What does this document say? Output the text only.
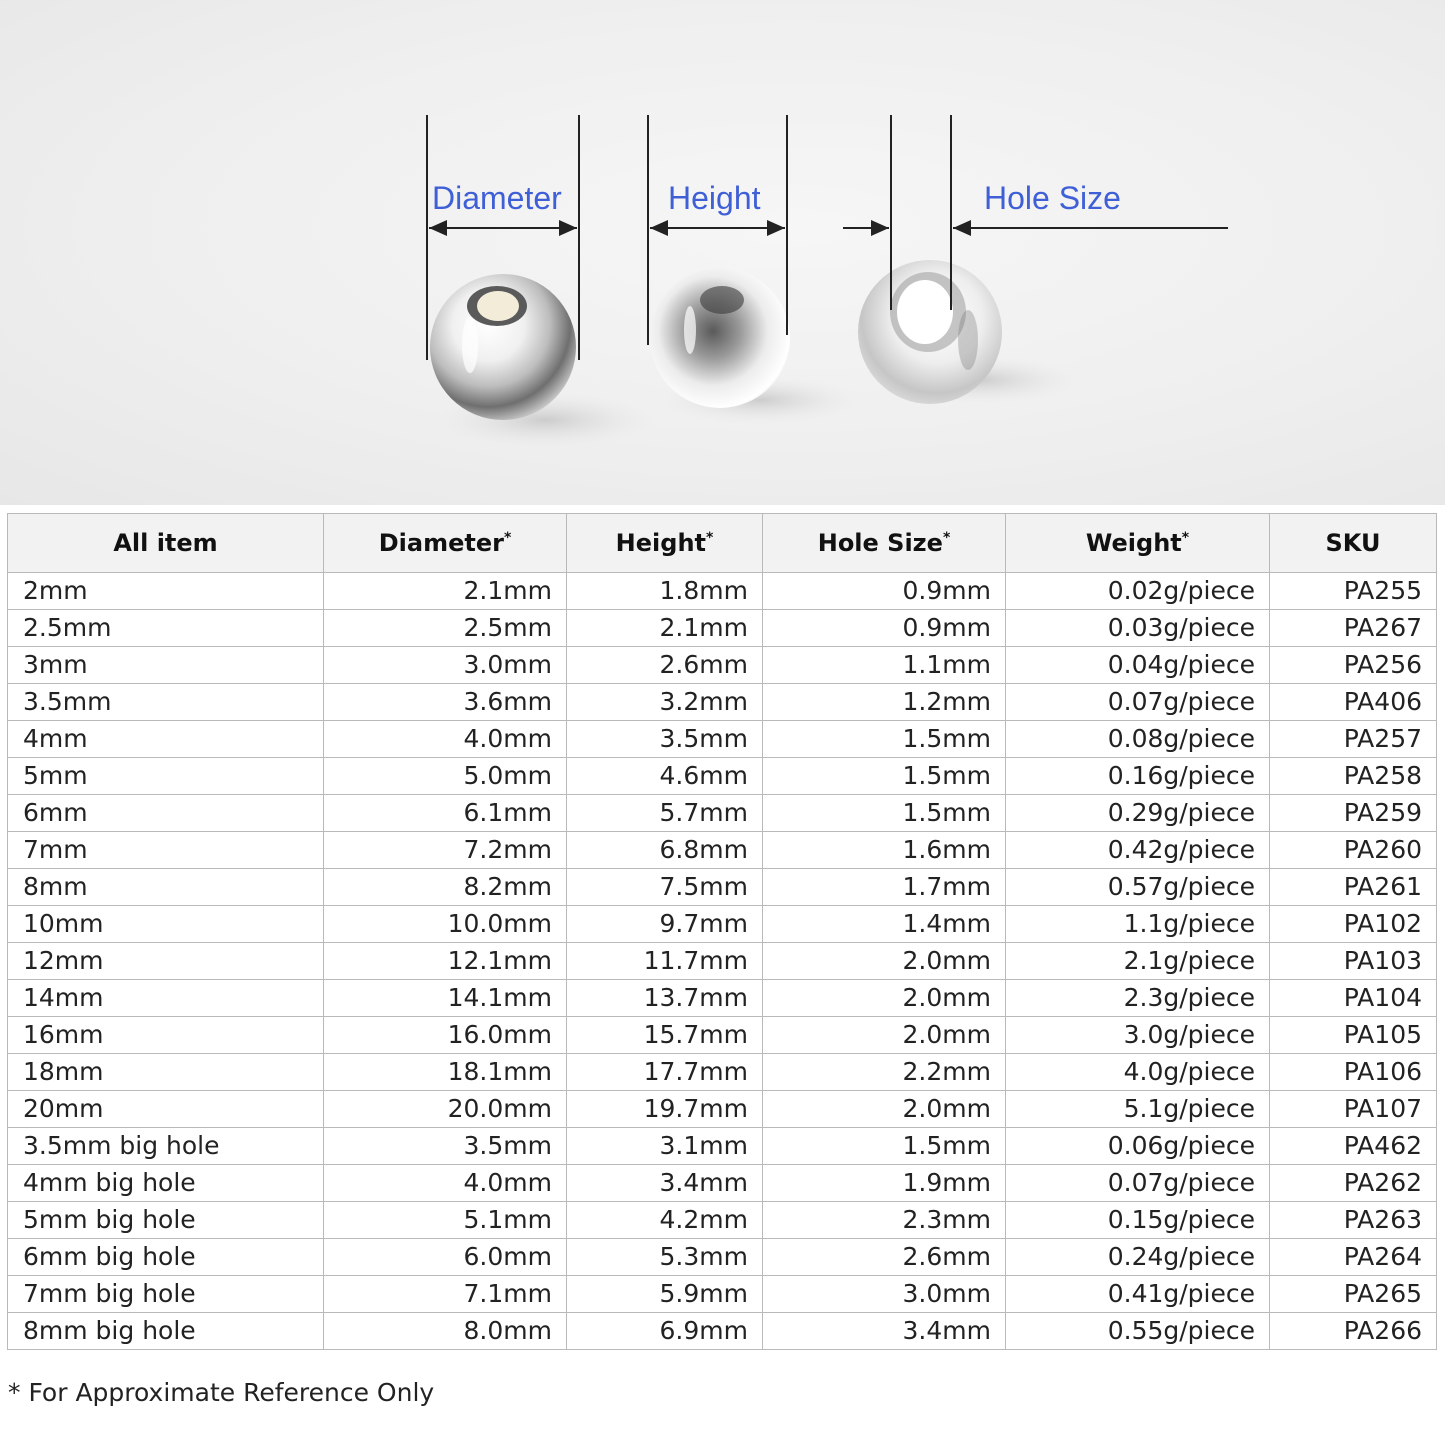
Diameter	Height	Hole Size
All item	Diameter*	Height*	Hole Size*	Weight*	SKU
2mm	2.1mm	1.8mm	0.9mm	0.02g/piece	PA255
2.5mm	2.5mm	2.1mm	0.9mm	0.03g/piece	PA267
3mm	3.0mm	2.6mm	1.1mm	0.04g/piece	PA256
3.5mm	3.6mm	3.2mm	1.2mm	0.07g/piece	PA406
4mm	4.0mm	3.5mm	1.5mm	0.08g/piece	PA257
5mm	5.0mm	4.6mm	1.5mm	0.16g/piece	PA258
6mm	6.1mm	5.7mm	1.5mm	0.29g/piece	PA259
7mm	7.2mm	6.8mm	1.6mm	0.42g/piece	PA260
8mm	8.2mm	7.5mm	1.7mm	0.57g/piece	PA261
10mm	10.0mm	9.7mm	1.4mm	1.1g/piece	PA102
12mm	12.1mm	11.7mm	2.0mm	2.1g/piece	PA103
14mm	14.1mm	13.7mm	2.0mm	2.3g/piece	PA104
16mm	16.0mm	15.7mm	2.0mm	3.0g/piece	PA105
18mm	18.1mm	17.7mm	2.2mm	4.0g/piece	PA106
20mm	20.0mm	19.7mm	2.0mm	5.1g/piece	PA107
3.5mm big hole	3.5mm	3.1mm	1.5mm	0.06g/piece	PA462
4mm big hole	4.0mm	3.4mm	1.9mm	0.07g/piece	PA262
5mm big hole	5.1mm	4.2mm	2.3mm	0.15g/piece	PA263
6mm big hole	6.0mm	5.3mm	2.6mm	0.24g/piece	PA264
7mm big hole	7.1mm	5.9mm	3.0mm	0.41g/piece	PA265
8mm big hole	8.0mm	6.9mm	3.4mm	0.55g/piece	PA266
* For Approximate Reference Only
